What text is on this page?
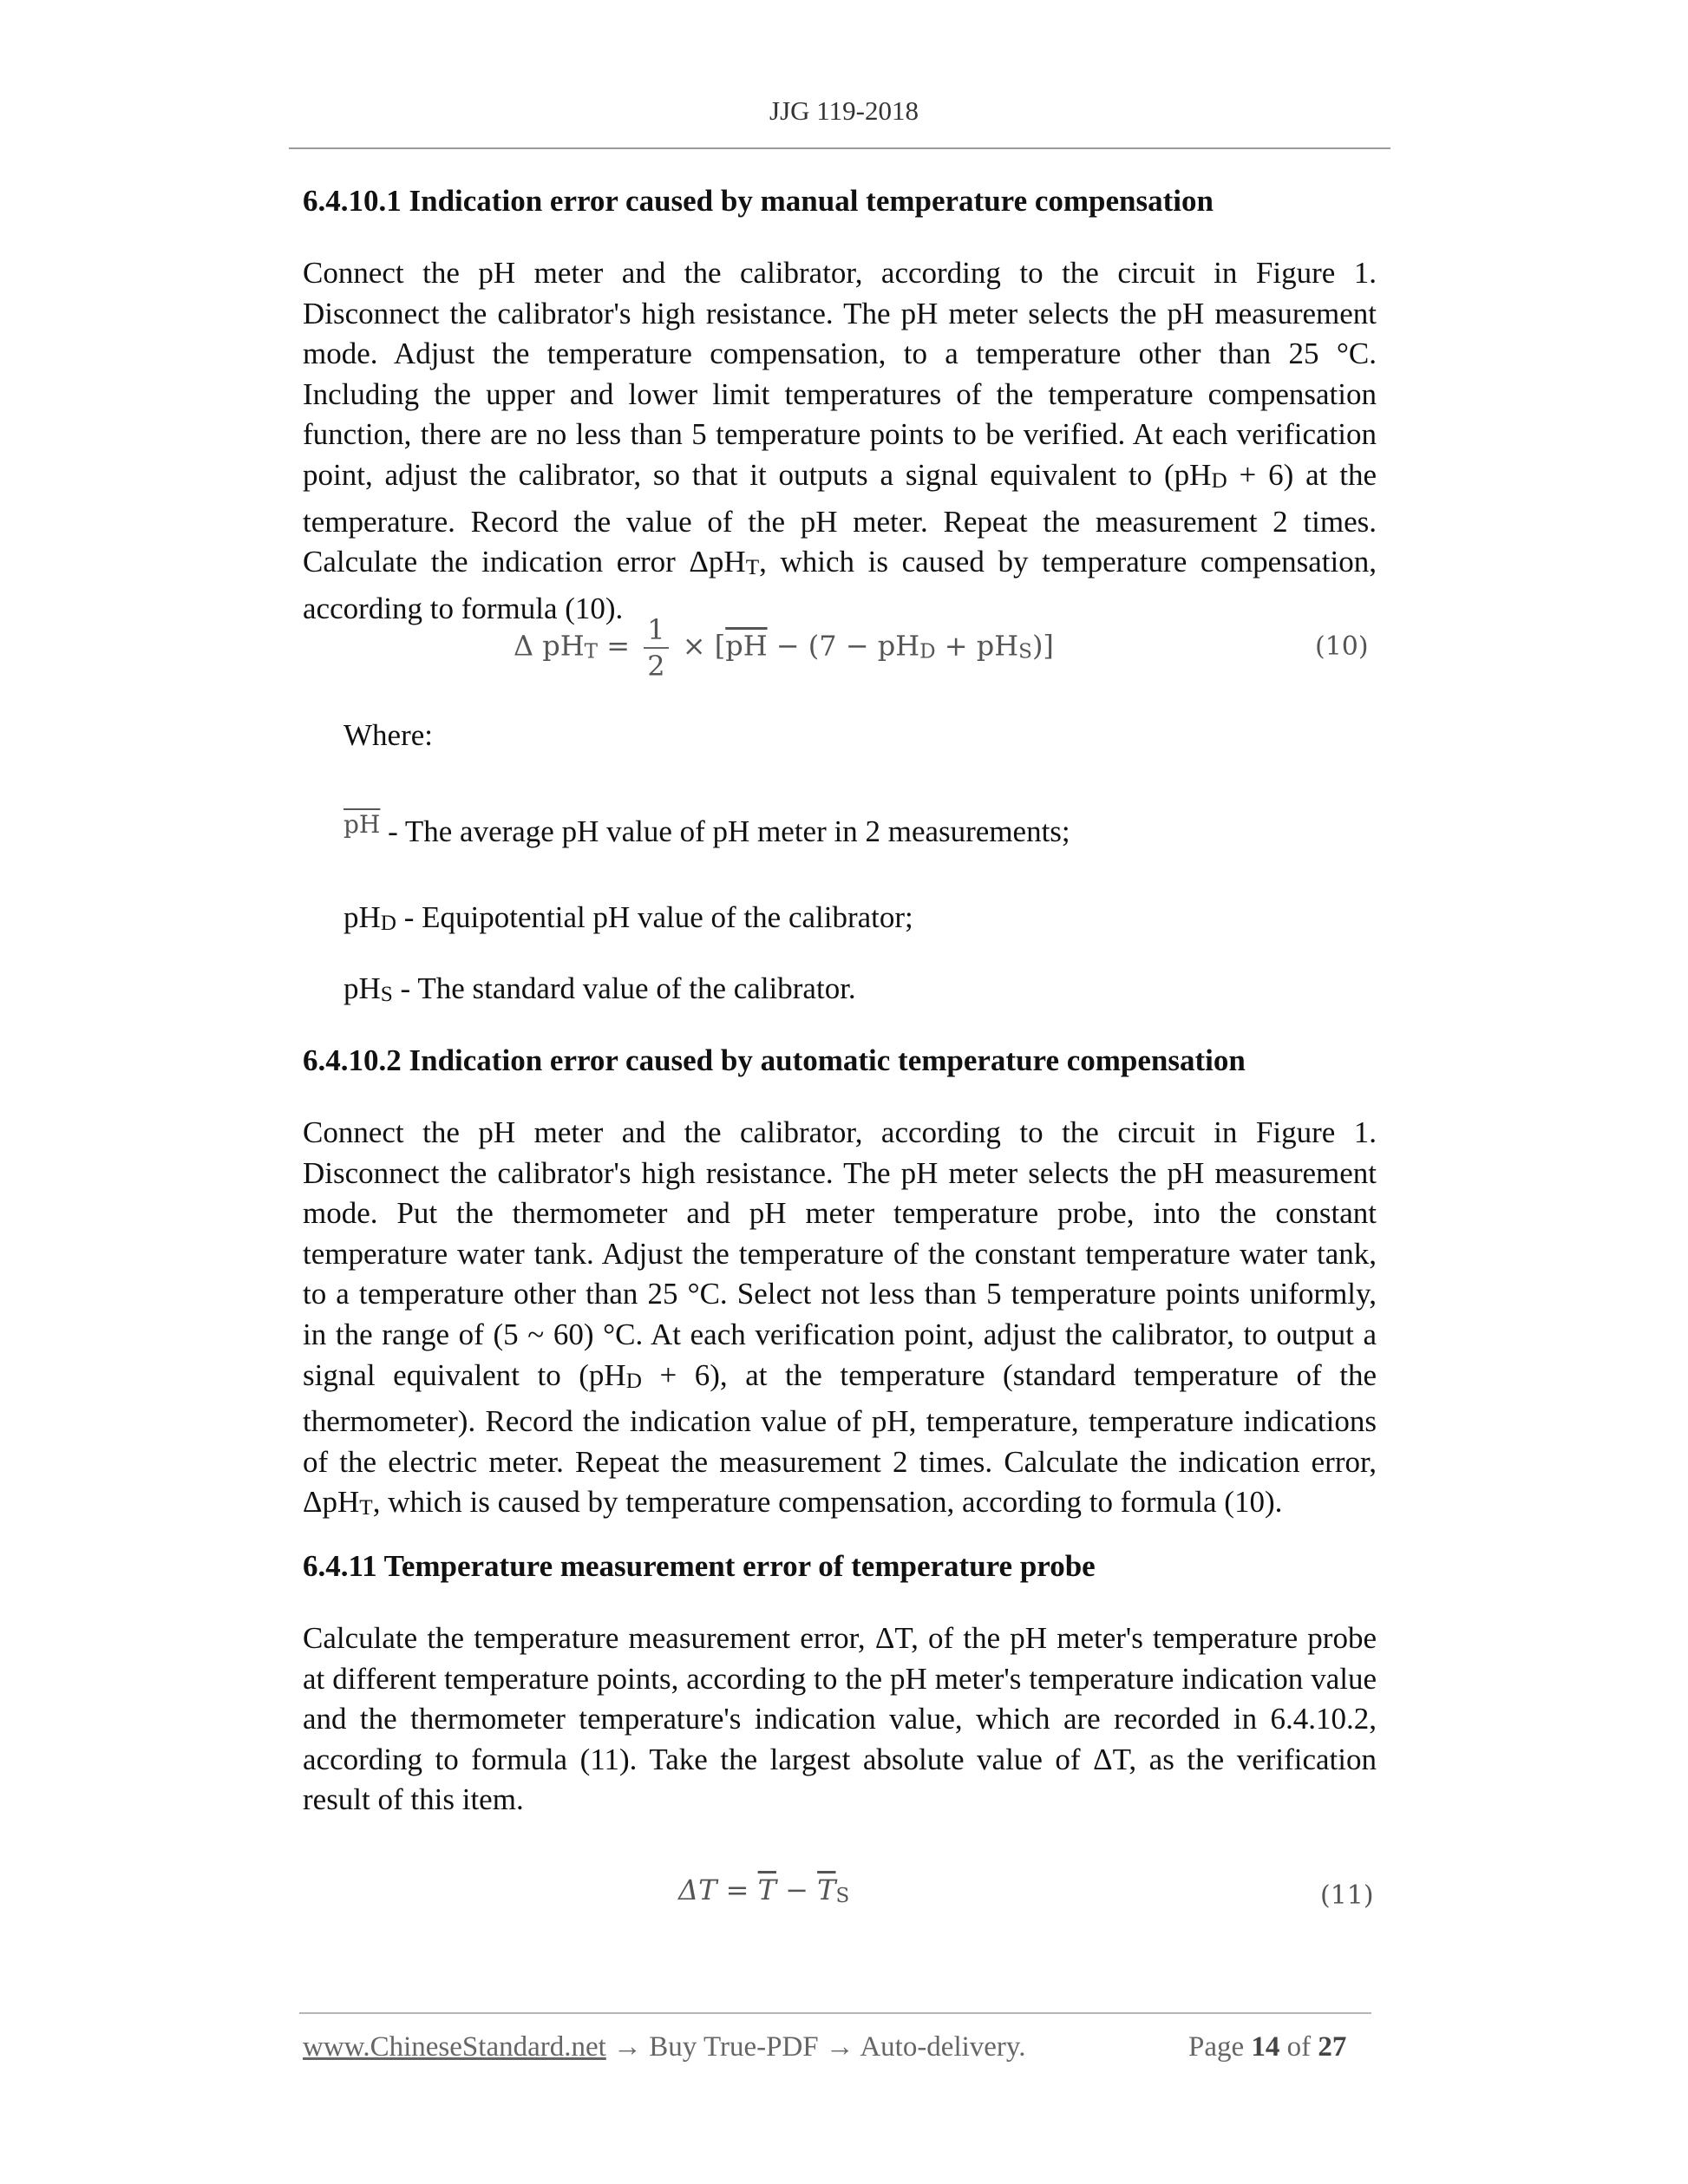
JJG 119-2018
6.4.10.1 Indication error caused by manual temperature compensation
Connect the pH meter and the calibrator, according to the circuit in Figure 1. Disconnect the calibrator's high resistance. The pH meter selects the pH measurement mode. Adjust the temperature compensation, to a temperature other than 25 °C. Including the upper and lower limit temperatures of the temperature compensation function, there are no less than 5 temperature points to be verified. At each verification point, adjust the calibrator, so that it outputs a signal equivalent to (pHD + 6) at the temperature. Record the value of the pH meter. Repeat the measurement 2 times. Calculate the indication error ΔpHT, which is caused by temperature compensation, according to formula (10).
Δ pHT = $\frac{1}{2} \times [\overline{pH} - (7$ − pHD + pHS)]	(10)
Where:
$^{\overline{pH}}$ - The average pH value of pH meter in 2 measurements;
pHD - Equipotential pH value of the calibrator;
pHS - The standard value of the calibrator.
6.4.10.2 Indication error caused by automatic temperature compensation
Connect the pH meter and the calibrator, according to the circuit in Figure 1. Disconnect the calibrator's high resistance. The pH meter selects the pH measurement mode. Put the thermometer and pH meter temperature probe, into the constant temperature water tank. Adjust the temperature of the constant temperature water tank, to a temperature other than 25 °C. Select not less than 5 temperature points uniformly, in the range of (5 ~ 60) °C. At each verification point, adjust the calibrator, to output a signal equivalent to (pHD + 6), at the temperature (standard temperature of the thermometer). Record the indication value of pH, temperature, temperature indications of the electric meter. Repeat the measurement 2 times. Calculate the indication error, ΔpHT, which is caused by temperature compensation, according to formula (10).
6.4.11 Temperature measurement error of temperature probe
Calculate the temperature measurement error, ΔT, of the pH meter's temperature probe at different temperature points, according to the pH meter's temperature indication value and the thermometer temperature's indication value, which are recorded in 6.4.10.2, according to formula (11). Take the largest absolute value of ΔT, as the verification result of this item.
$\Delta T = \overline{T} - \overline{T}S$	(11)
www.ChineseStandard.net → Buy True-PDF → Auto-delivery.	Page 14 of 27
